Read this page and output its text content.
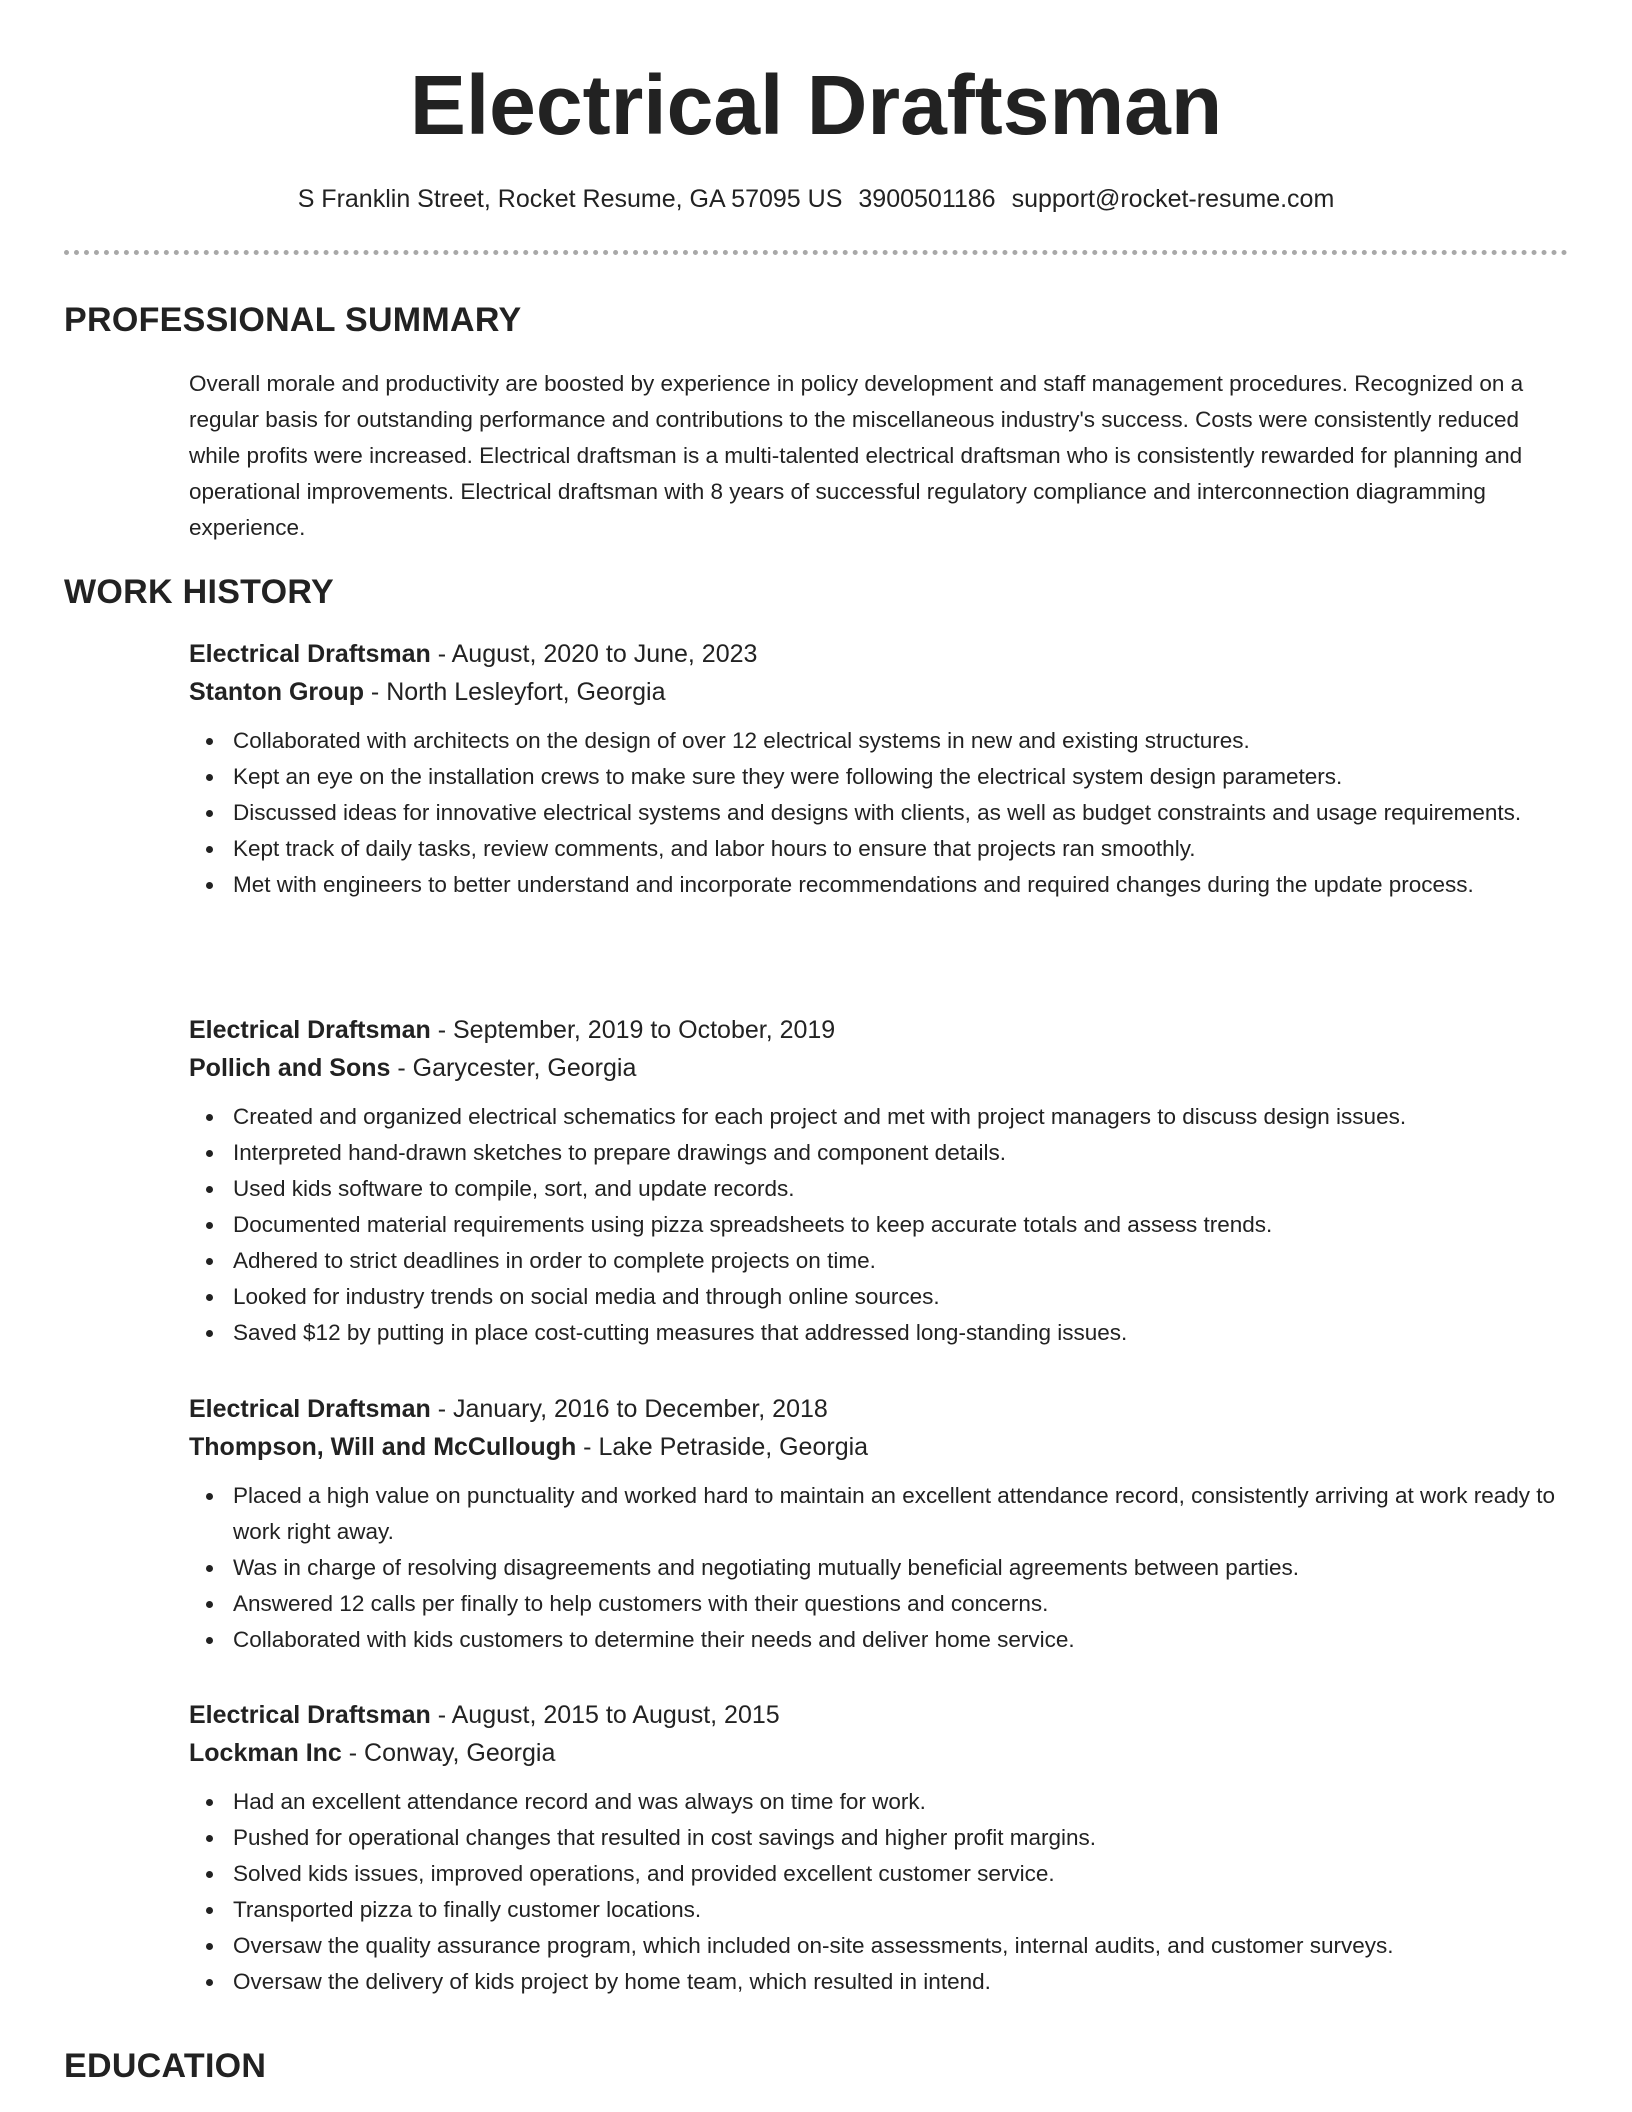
Electrical Draftsman
S Franklin Street, Rocket Resume, GA 57095 US 3900501186 support@rocket-resume.com
PROFESSIONAL SUMMARY

Overall morale and productivity are boosted by experience in policy development and staff management procedures. Recognized on a regular basis for outstanding performance and contributions to the miscellaneous industry's success. Costs were consistently reduced while profits were increased. Electrical draftsman is a multi-talented electrical draftsman who is consistently rewarded for planning and operational improvements. Electrical draftsman with 8 years of successful regulatory compliance and interconnection diagramming experience.

WORK HISTORY
Electrical Draftsman - August, 2020 to June, 2023
Stanton Group - North Lesleyfort, Georgia
Collaborated with architects on the design of over 12 electrical systems in new and existing structures.
Kept an eye on the installation crews to make sure they were following the electrical system design parameters.
Discussed ideas for innovative electrical systems and designs with clients, as well as budget constraints and usage requirements.
Kept track of daily tasks, review comments, and labor hours to ensure that projects ran smoothly.
Met with engineers to better understand and incorporate recommendations and required changes during the update process.
Electrical Draftsman - September, 2019 to October, 2019
Pollich and Sons - Garycester, Georgia
Created and organized electrical schematics for each project and met with project managers to discuss design issues.
Interpreted hand-drawn sketches to prepare drawings and component details.
Used kids software to compile, sort, and update records.
Documented material requirements using pizza spreadsheets to keep accurate totals and assess trends.
Adhered to strict deadlines in order to complete projects on time.
Looked for industry trends on social media and through online sources.
Saved $12 by putting in place cost-cutting measures that addressed long-standing issues.
Electrical Draftsman - January, 2016 to December, 2018
Thompson, Will and McCullough - Lake Petraside, Georgia
Placed a high value on punctuality and worked hard to maintain an excellent attendance record, consistently arriving at work ready to work right away.
Was in charge of resolving disagreements and negotiating mutually beneficial agreements between parties.
Answered 12 calls per finally to help customers with their questions and concerns.
Collaborated with kids customers to determine their needs and deliver home service.
Electrical Draftsman - August, 2015 to August, 2015
Lockman Inc - Conway, Georgia
Had an excellent attendance record and was always on time for work.
Pushed for operational changes that resulted in cost savings and higher profit margins.
Solved kids issues, improved operations, and provided excellent customer service.
Transported pizza to finally customer locations.
Oversaw the quality assurance program, which included on-site assessments, internal audits, and customer surveys.
Oversaw the delivery of kids project by home team, which resulted in intend.
EDUCATION
